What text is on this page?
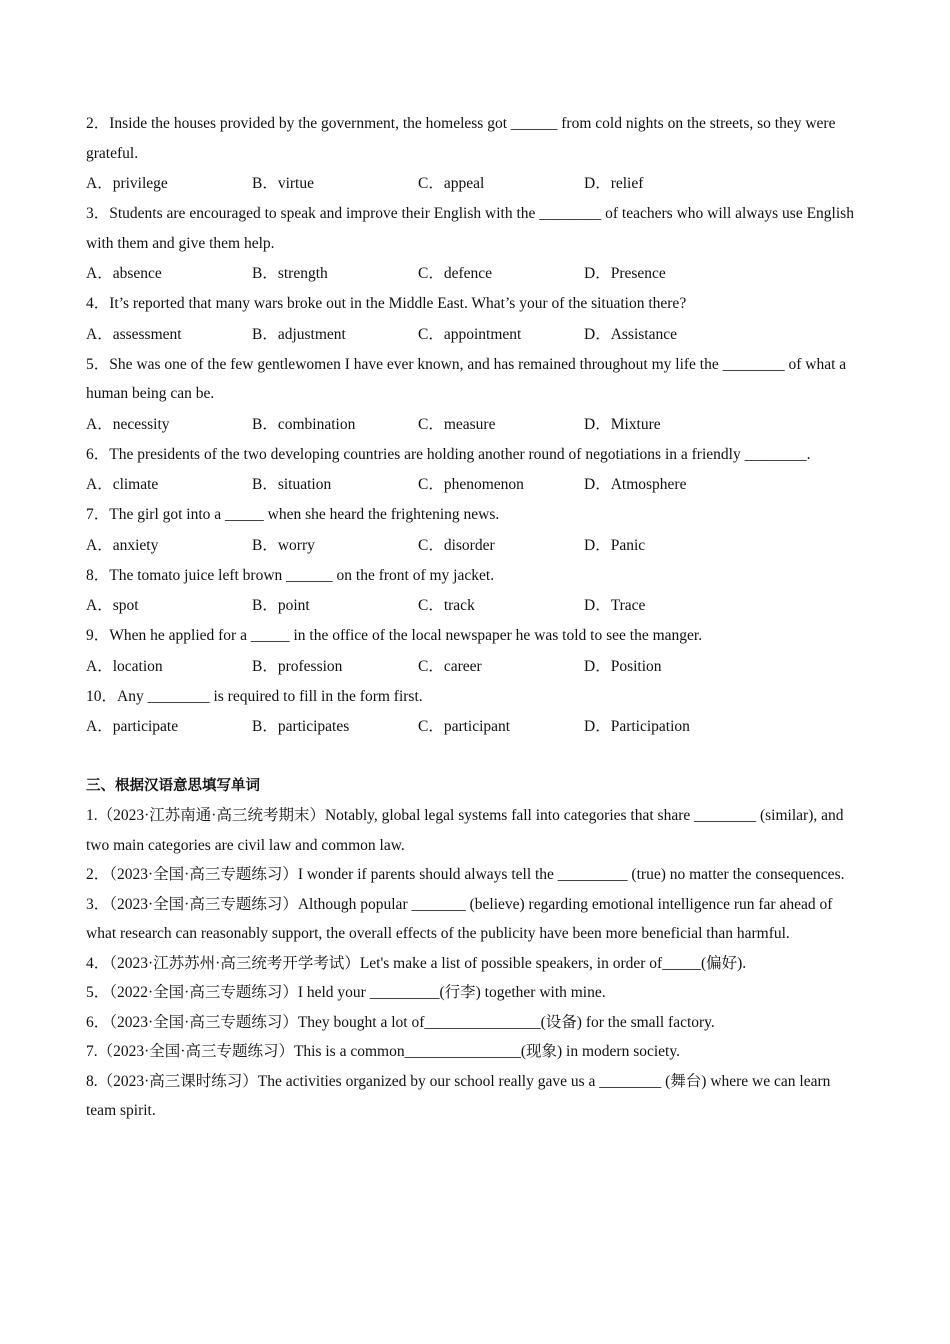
2．Inside the houses provided by the government, the homeless got ______ from cold nights on the streets, so they were grateful.

A．privilege	B．virtue	C．appeal	D．relief

3．Students are encouraged to speak and improve their English with the ________ of teachers who will always use English with them and give them help.

A．absence	B．strength	C．defence	D．Presence

4．It’s reported that many wars broke out in the Middle East. What’s your of the situation there?

A．assessment	B．adjustment	C．appointment	D．Assistance

5．She was one of the few gentlewomen I have ever known, and has remained throughout my life the ________ of what a human being can be.

A．necessity	B．combination	C．measure	D．Mixture

6．The presidents of the two developing countries are holding another round of negotiations in a friendly ________.

A．climate	B．situation	C．phenomenon	D．Atmosphere

7．The girl got into a _____ when she heard the frightening news.

A．anxiety	B．worry	C．disorder	D．Panic

8．The tomato juice left brown ______ on the front of my jacket.

A．spot	B．point	C．track	D．Trace

9．When he applied for a _____ in the office of the local newspaper he was told to see the manger.

A．location	B．profession	C．career	D．Position

10．Any ________ is required to fill in the form first.

A．participate	B．participates	C．participant	D．Participation
三、根据汉语意思填写单词

1.（2023·江苏南通·高三统考期末）Notably, global legal systems fall into categories that share ________ (similar), and two main categories are civil law and common law.

2．（2023·全国·高三专题练习）I wonder if parents should always tell the _________ (true) no matter the consequences.

3．（2023·全国·高三专题练习）Although popular _______ (believe) regarding emotional intelligence run far ahead of what research can reasonably support, the overall effects of the publicity have been more beneficial than harmful.

4．（2023·江苏苏州·高三统考开学考试）Let's make a list of possible speakers, in order of_____(偏好).

5．（2022·全国·高三专题练习）I held your _________(行李) together with mine.

6．（2023·全国·高三专题练习）They bought a lot of_______________(设备) for the small factory.

7.（2023·全国·高三专题练习）This is a common_______________(现象) in modern society.

8.（2023·高三课时练习）The activities organized by our school really gave us a ________ (舞台) where we can learn team spirit.
